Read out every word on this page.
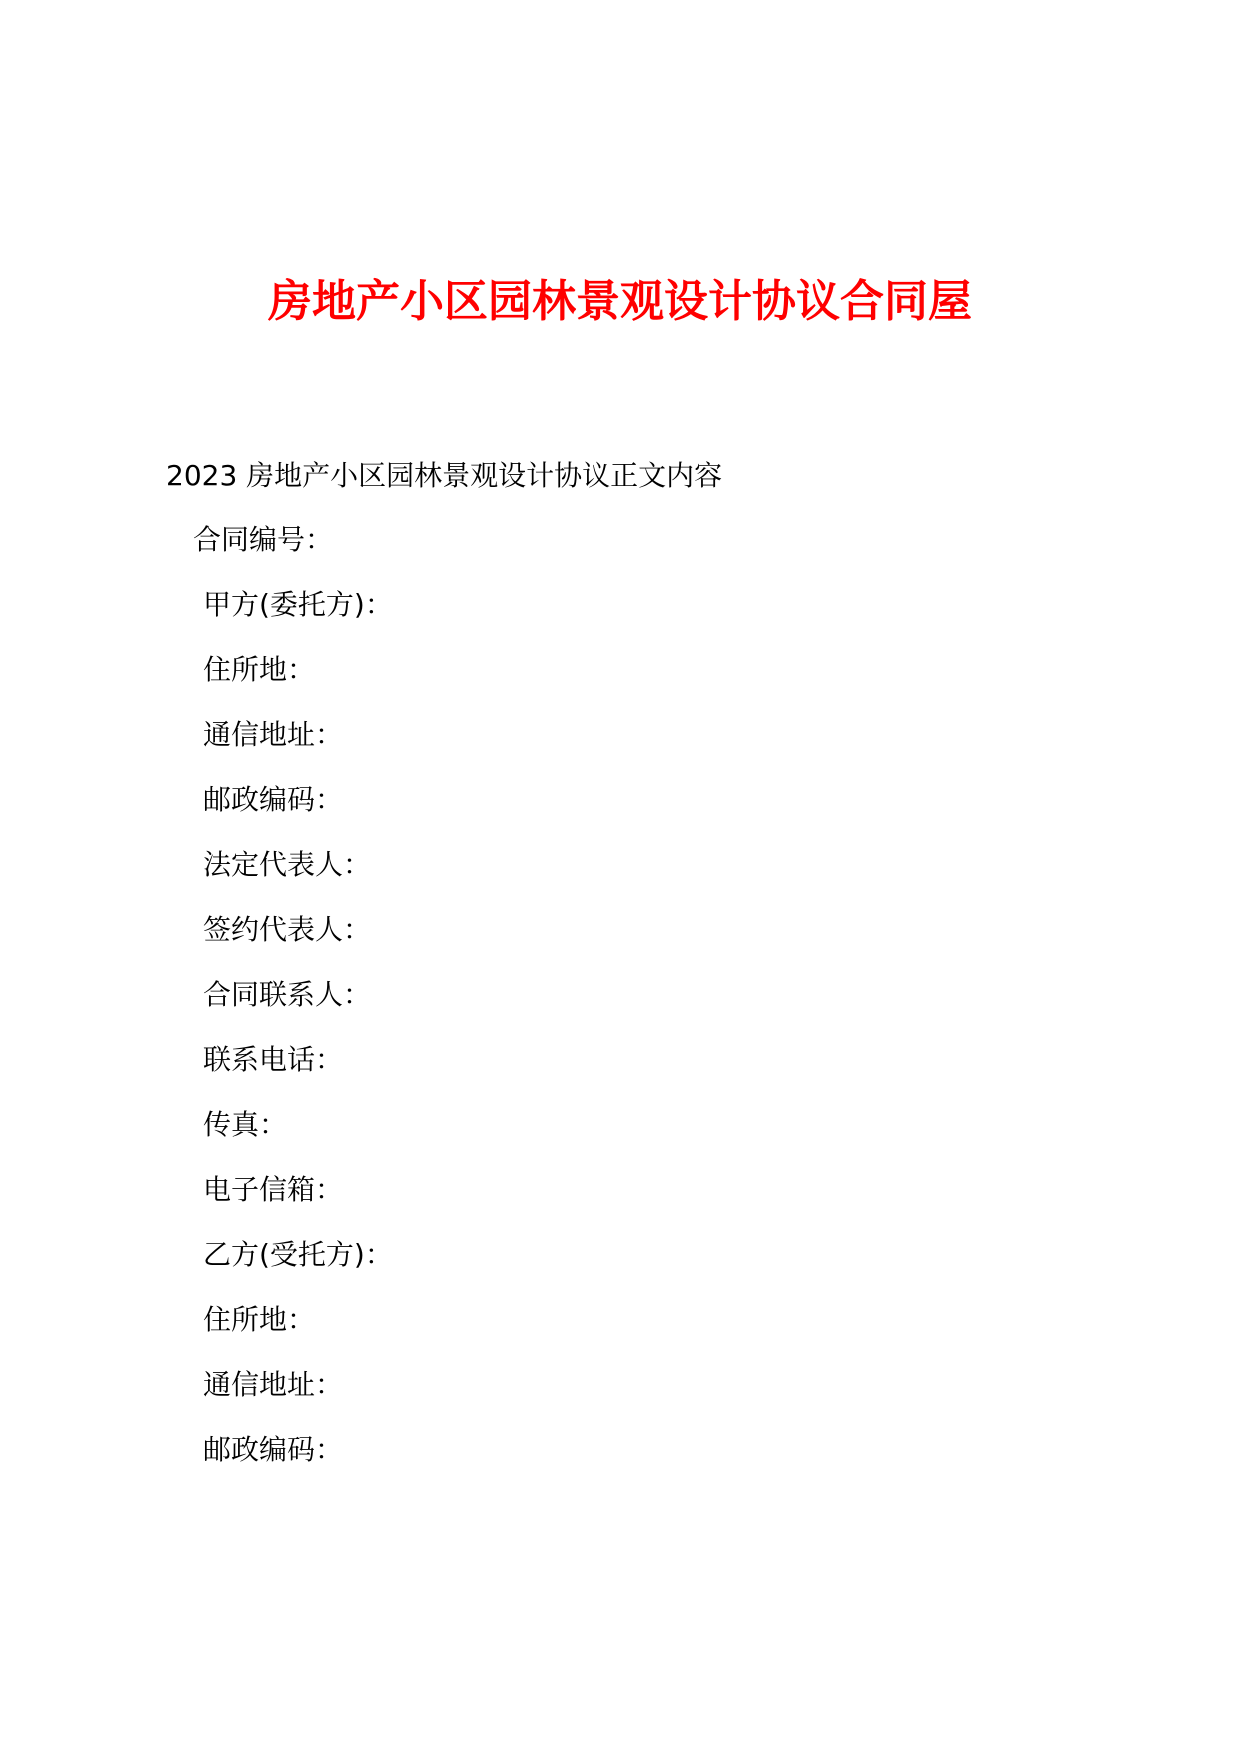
房地产小区园林景观设计协议合同屋

2023 房地产小区园林景观设计协议正文内容

合同编号：
甲方(委托方)：
住所地：
通信地址：
邮政编码：
法定代表人：
签约代表人：
合同联系人：
联系电话：
传真：
电子信箱：
乙方(受托方)：
住所地：
通信地址：
邮政编码：
